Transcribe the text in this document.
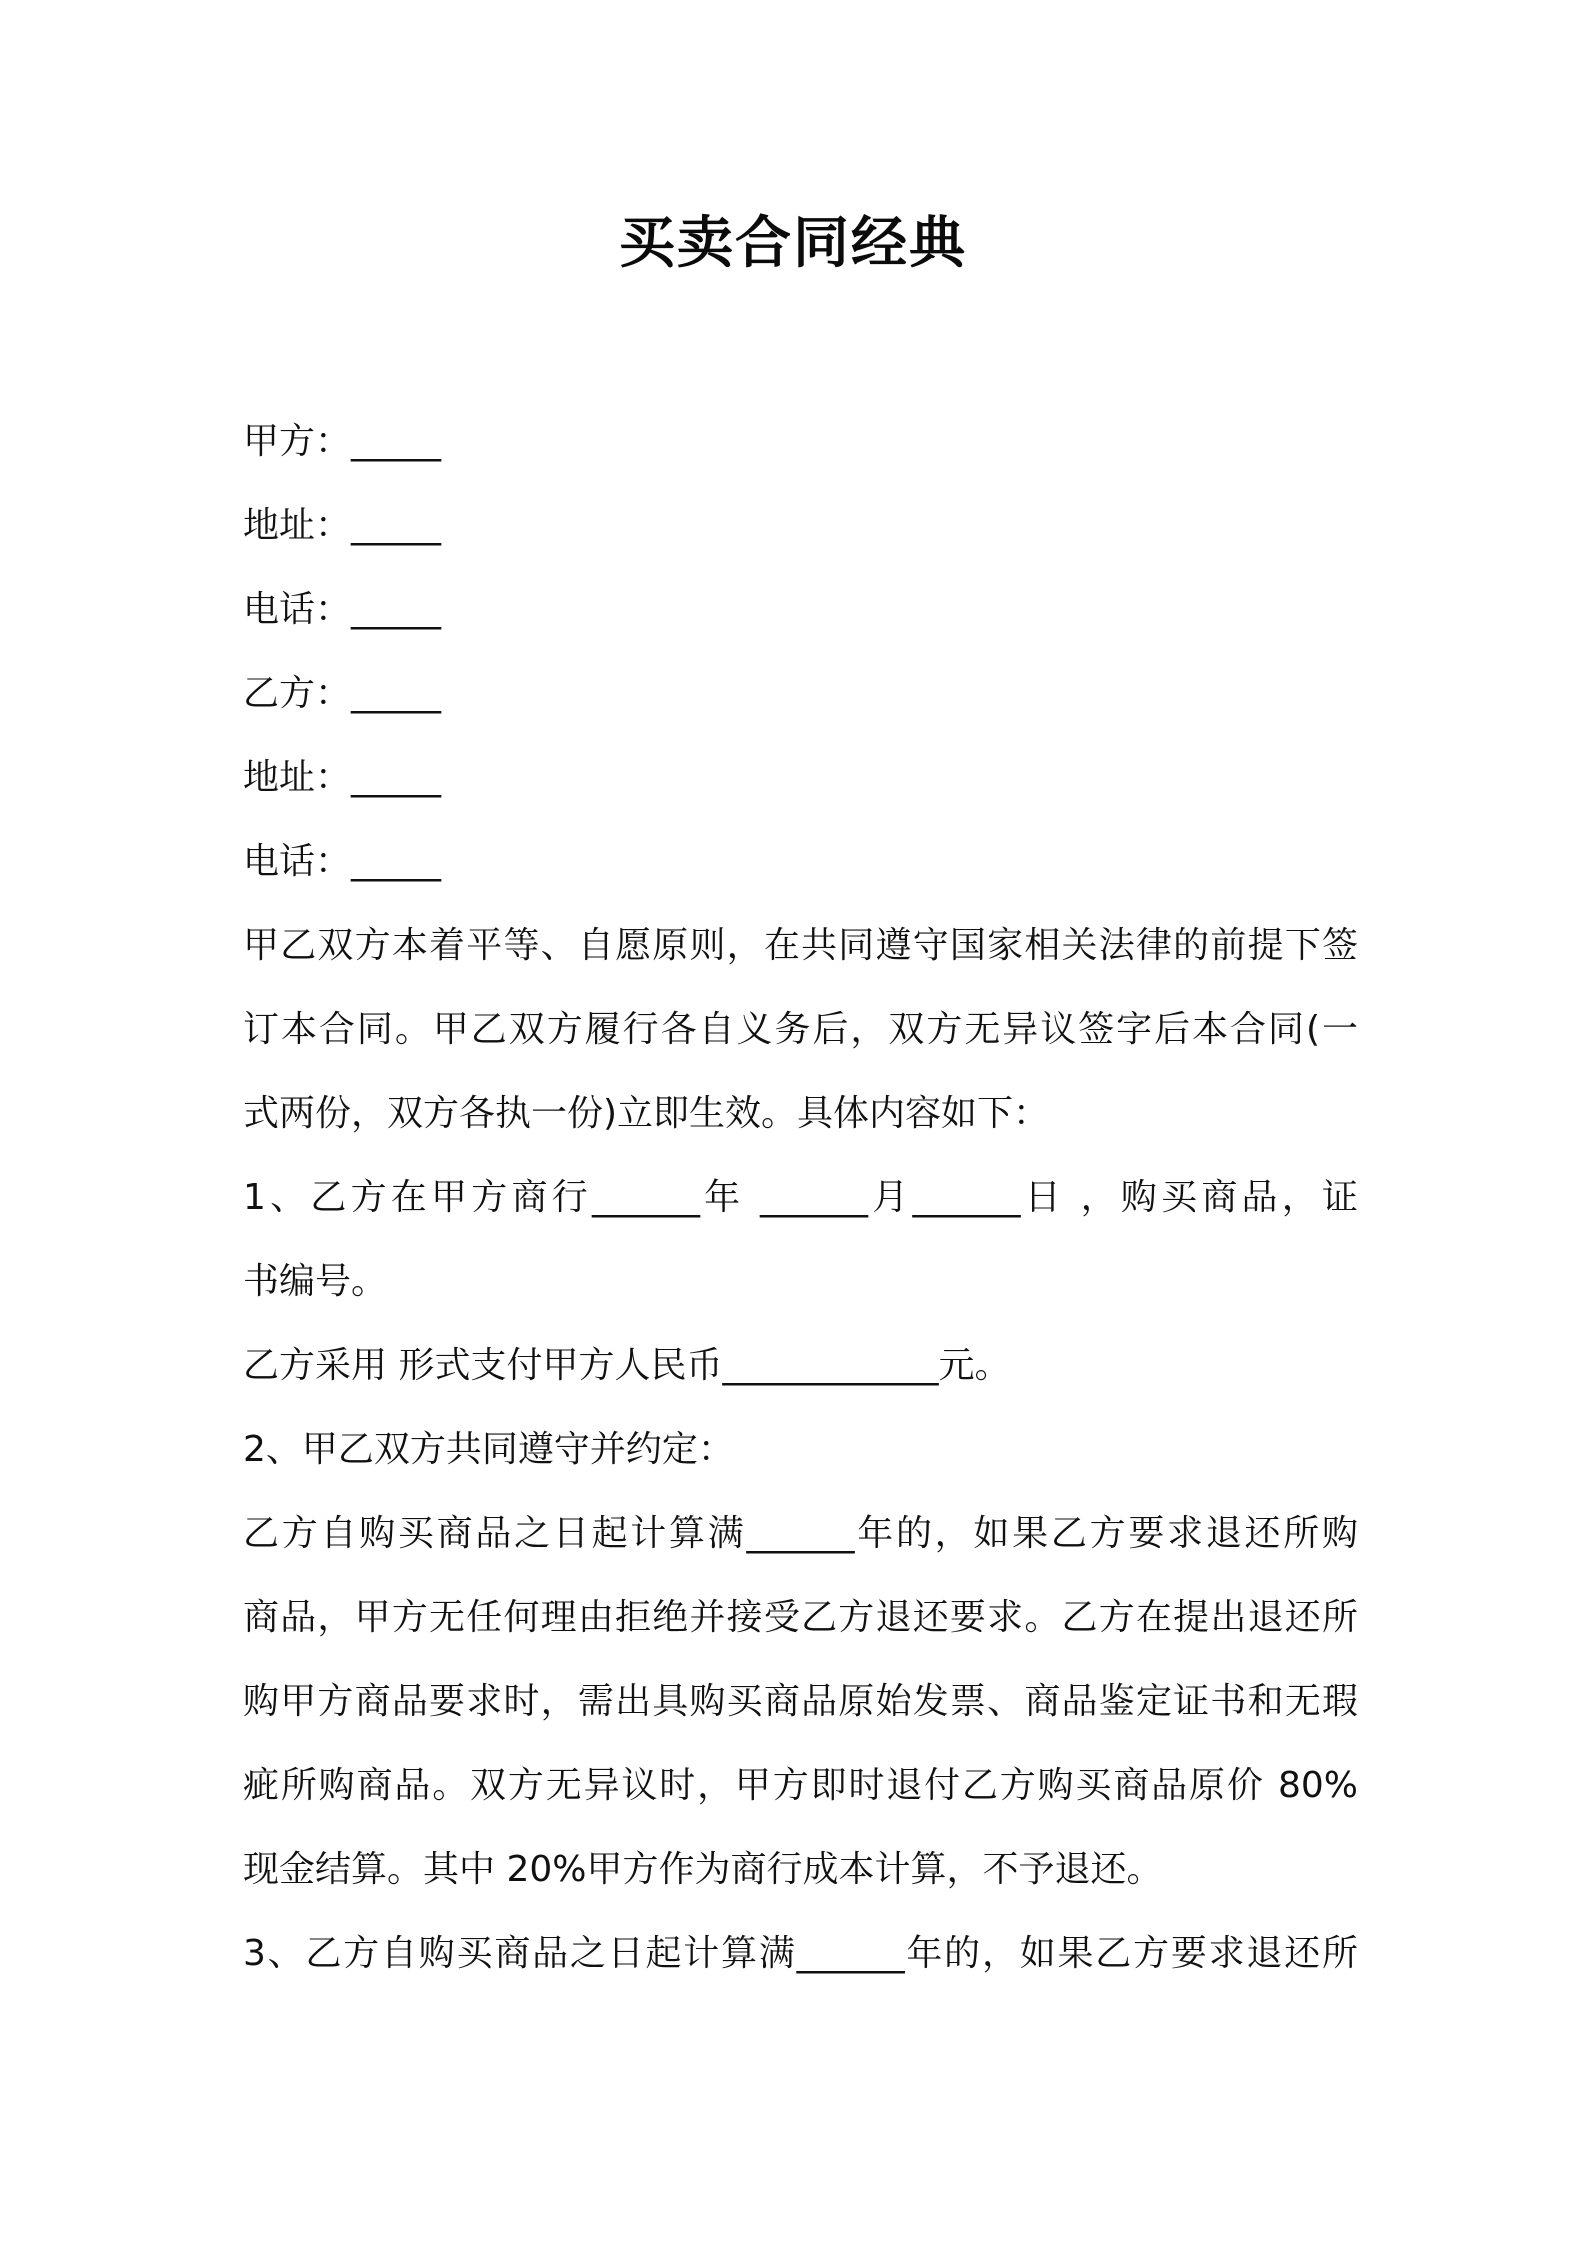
买卖合同经典
甲方：_____
地址：_____
电话：_____
乙方：_____
地址：_____
电话：_____
甲乙双方本着平等、自愿原则，在共同遵守国家相关法律的前提下签
订本合同。甲乙双方履行各自义务后，双方无异议签字后本合同(一
式两份，双方各执一份)立即生效。具体内容如下：
1、乙方在甲方商行______年 ______月______日 ，购买商品，证
书编号。
乙方采用 形式支付甲方人民币____________元。
2、甲乙双方共同遵守并约定：
乙方自购买商品之日起计算满______年的，如果乙方要求退还所购
商品，甲方无任何理由拒绝并接受乙方退还要求。乙方在提出退还所
购甲方商品要求时，需出具购买商品原始发票、商品鉴定证书和无瑕
疵所购商品。双方无异议时，甲方即时退付乙方购买商品原价 80%
现金结算。其中 20%甲方作为商行成本计算，不予退还。
3、乙方自购买商品之日起计算满______年的，如果乙方要求退还所
